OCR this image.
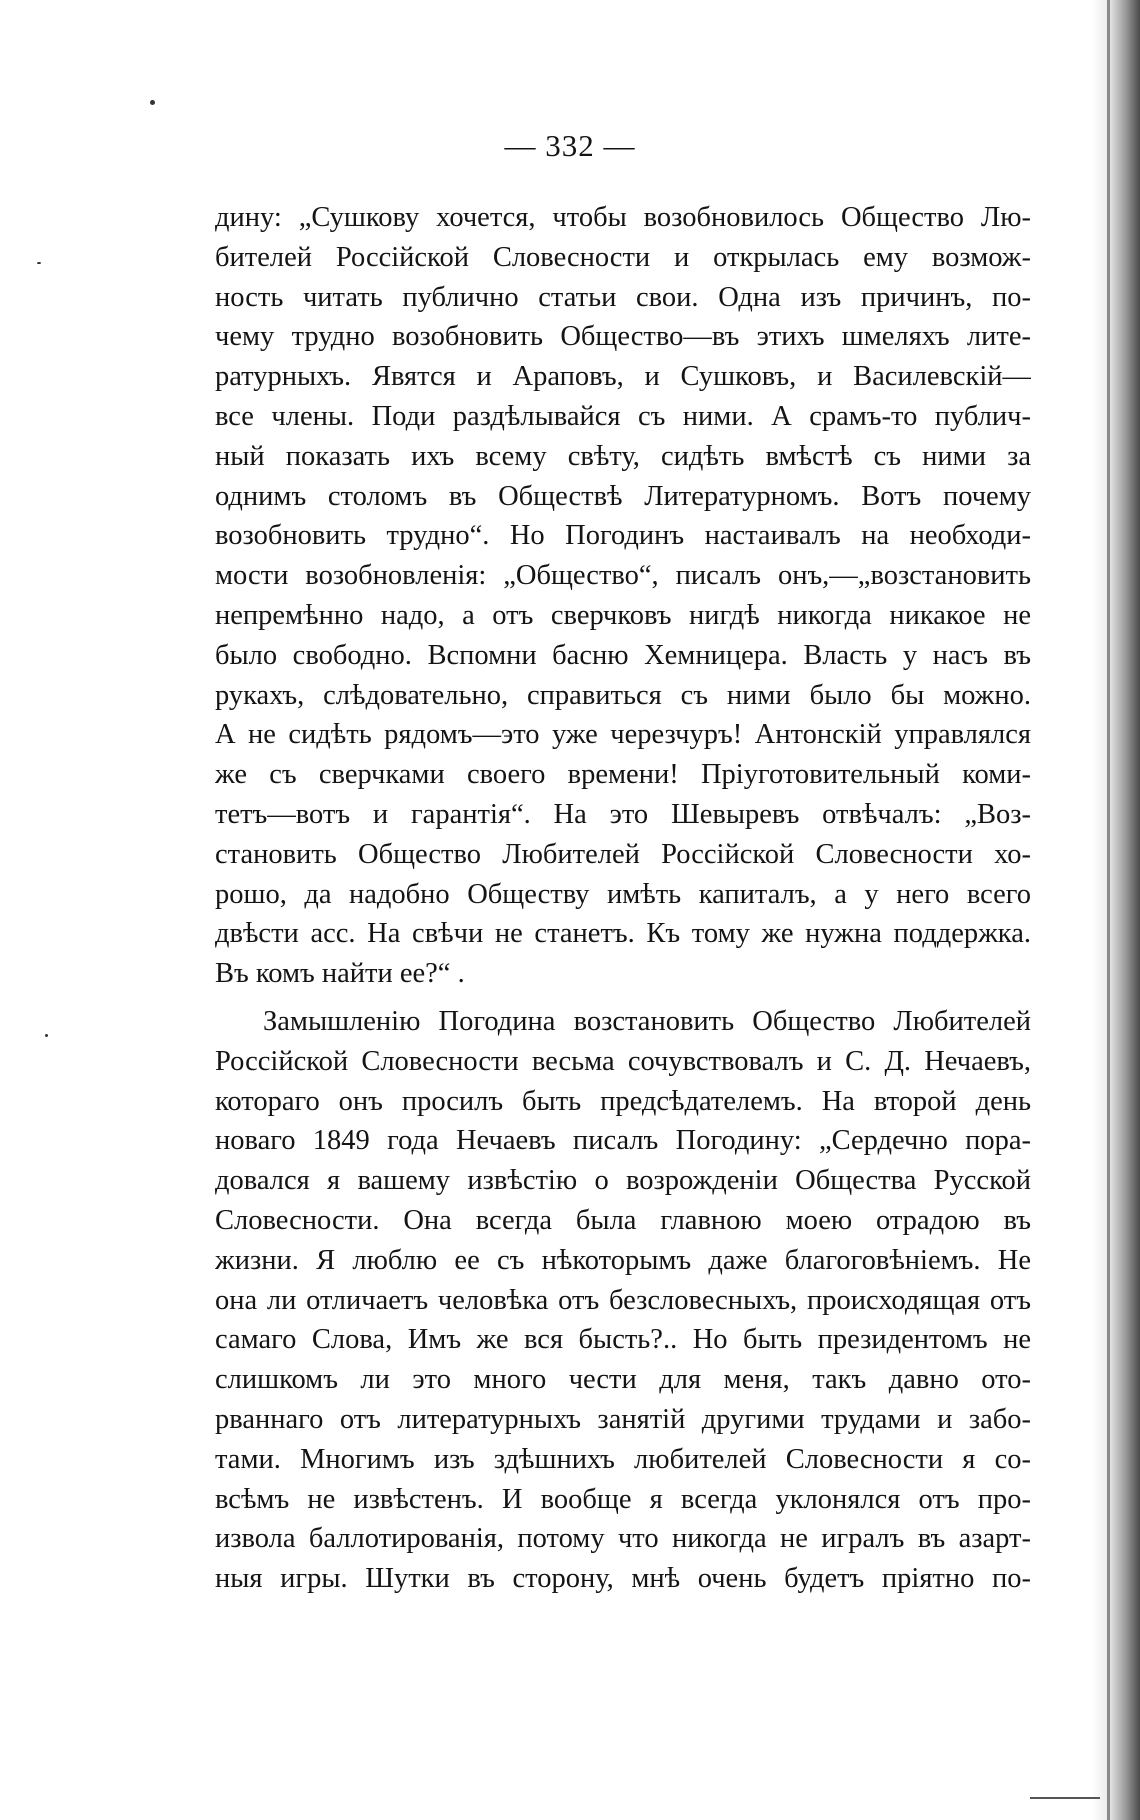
— 332 —
дину: „Сушкову хочется, чтобы возобновилось Общество Лю-
бителей Россійской Словесности и открылась ему возмож-
ность читать публично статьи свои. Одна изъ причинъ, по-
чему трудно возобновить Общество—въ этихъ шмеляхъ лите-
ратурныхъ. Явятся и Араповъ, и Сушковъ, и Василевскій—
все члены. Поди раздѣлывайся съ ними. А срамъ-то публич-
ный показать ихъ всему свѣту, сидѣть вмѣстѣ съ ними за
однимъ столомъ въ Обществѣ Литературномъ. Вотъ почему
возобновить трудно“. Но Погодинъ настаивалъ на необходи-
мости возобновленія: „Общество“, писалъ онъ,—„возстановить
непремѣнно надо, а отъ сверчковъ нигдѣ никогда никакое не
было свободно. Вспомни басню Хемницера. Власть у насъ въ
рукахъ, слѣдовательно, справиться съ ними было бы можно.
А не сидѣть рядомъ—это уже черезчуръ! Антонскій управлялся
же съ сверчками своего времени! Пріуготовительный коми-
тетъ—вотъ и гарантія“. На это Шевыревъ отвѣчалъ: „Воз-
становить Общество Любителей Россійской Словесности хо-
рошо, да надобно Обществу имѣть капиталъ, а у него всего
двѣсти асс. На свѣчи не станетъ. Къ тому же нужна поддержка.
Въ комъ найти ее?“ .
Замышленію Погодина возстановить Общество Любителей
Россійской Словесности весьма сочувствовалъ и С. Д. Нечаевъ,
котораго онъ просилъ быть предсѣдателемъ. На второй день
новаго 1849 года Нечаевъ писалъ Погодину: „Сердечно пора-
довался я вашему извѣстію о возрожденіи Общества Русской
Словесности. Она всегда была главною моею отрадою въ
жизни. Я люблю ее съ нѣкоторымъ даже благоговѣніемъ. Не
она ли отличаетъ человѣка отъ безсловесныхъ, происходящая отъ
самаго Слова, Имъ же вся бысть?.. Но быть президентомъ не
слишкомъ ли это много чести для меня, такъ давно ото-
рваннаго отъ литературныхъ занятій другими трудами и забо-
тами. Многимъ изъ здѣшнихъ любителей Словесности я со-
всѣмъ не извѣстенъ. И вообще я всегда уклонялся отъ про-
извола баллотированія, потому что никогда не игралъ въ азарт-
ныя игры. Шутки въ сторону, мнѣ очень будетъ пріятно по-
